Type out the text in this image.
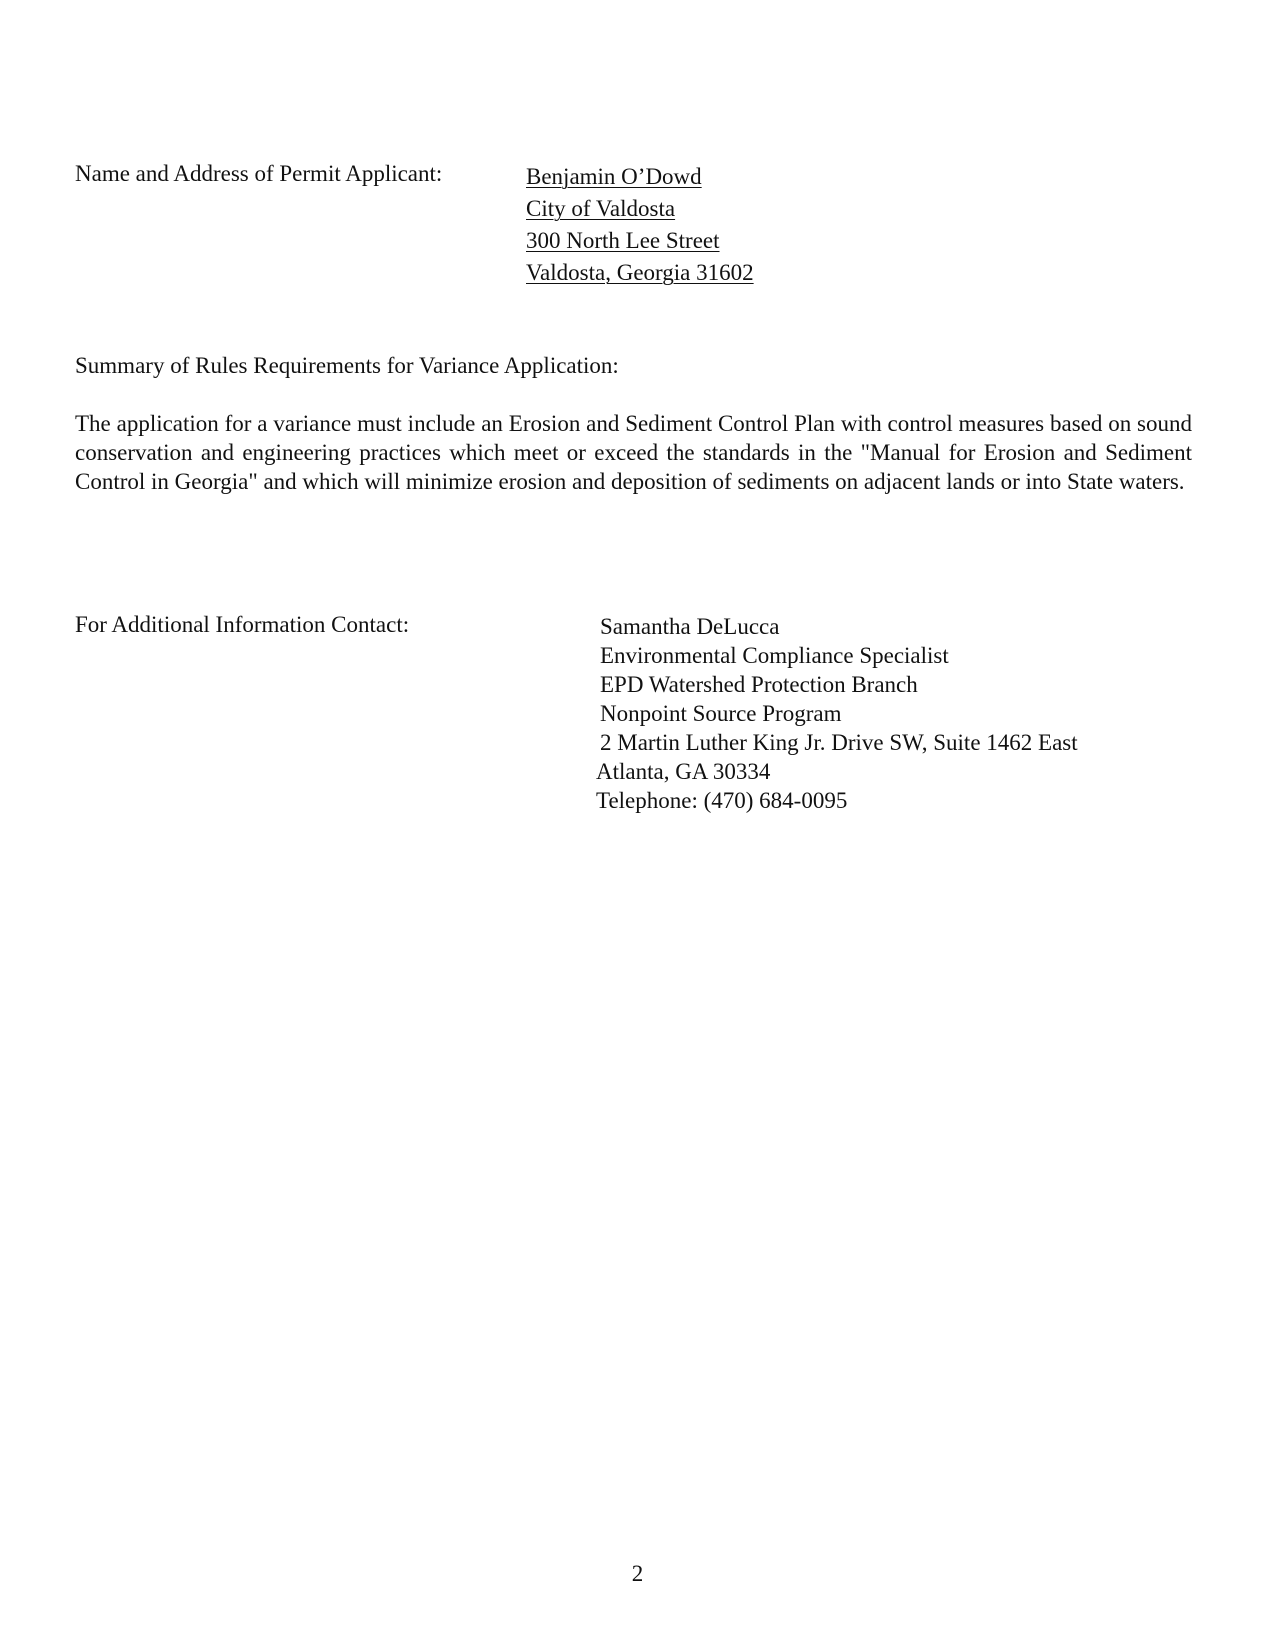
Name and Address of Permit Applicant:	Benjamin O’Dowd
City of Valdosta
300 North Lee Street
Valdosta, Georgia 31602
Summary of Rules Requirements for Variance Application:
The application for a variance must include an Erosion and Sediment Control Plan with control measures based on sound conservation and engineering practices which meet or exceed the standards in the "Manual for Erosion and Sediment Control in Georgia" and which will minimize erosion and deposition of sediments on adjacent lands or into State waters.
For Additional Information Contact:	Samantha DeLucca
Environmental Compliance Specialist
EPD Watershed Protection Branch
Nonpoint Source Program
2 Martin Luther King Jr. Drive SW, Suite 1462 East
Atlanta, GA 30334
Telephone: (470) 684-0095
2
